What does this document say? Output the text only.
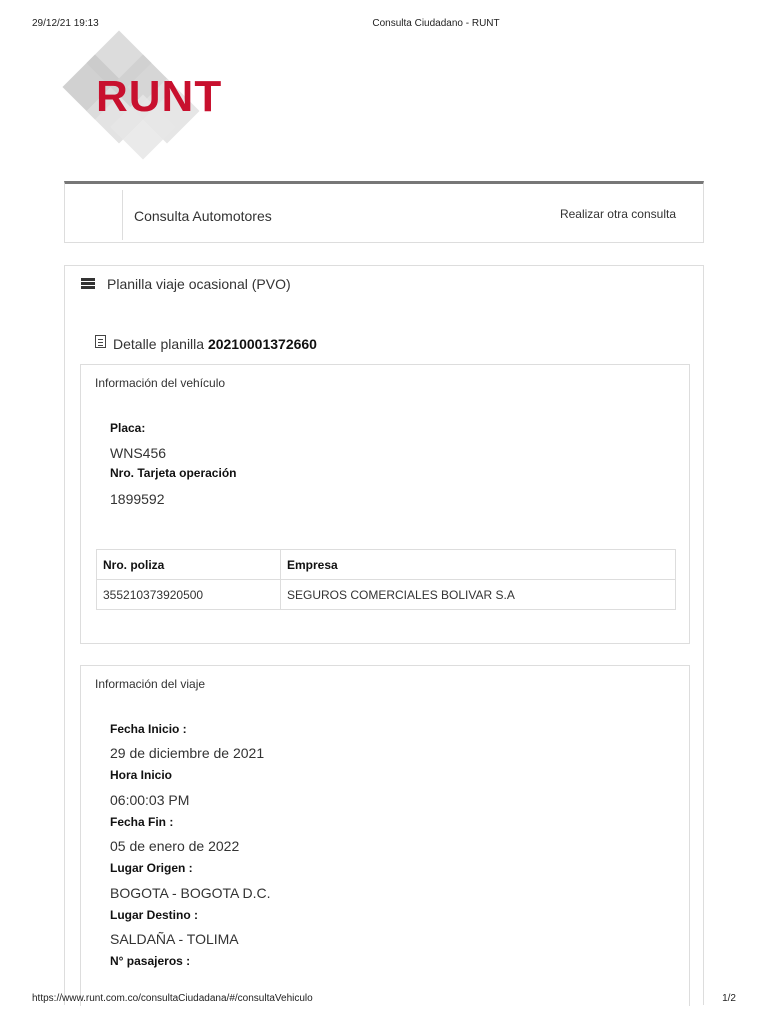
29/12/21 19:13	Consulta Ciudadano - RUNT
RUNT
Consulta Automotores	Realizar otra consulta
Planilla viaje ocasional (PVO)
Detalle planilla 20210001372660
Información del vehículo
Placa:
WNS456
Nro. Tarjeta operación
1899592
Nro. poliza	Empresa
355210373920500	SEGUROS COMERCIALES BOLIVAR S.A
Información del viaje
Fecha Inicio :
29 de diciembre de 2021
Hora Inicio
06:00:03 PM
Fecha Fin :
05 de enero de 2022
Lugar Origen :
BOGOTA - BOGOTA D.C.
Lugar Destino :
SALDAÑA - TOLIMA
N° pasajeros :
https://www.runt.com.co/consultaCiudadana/#/consultaVehiculo	1/2
